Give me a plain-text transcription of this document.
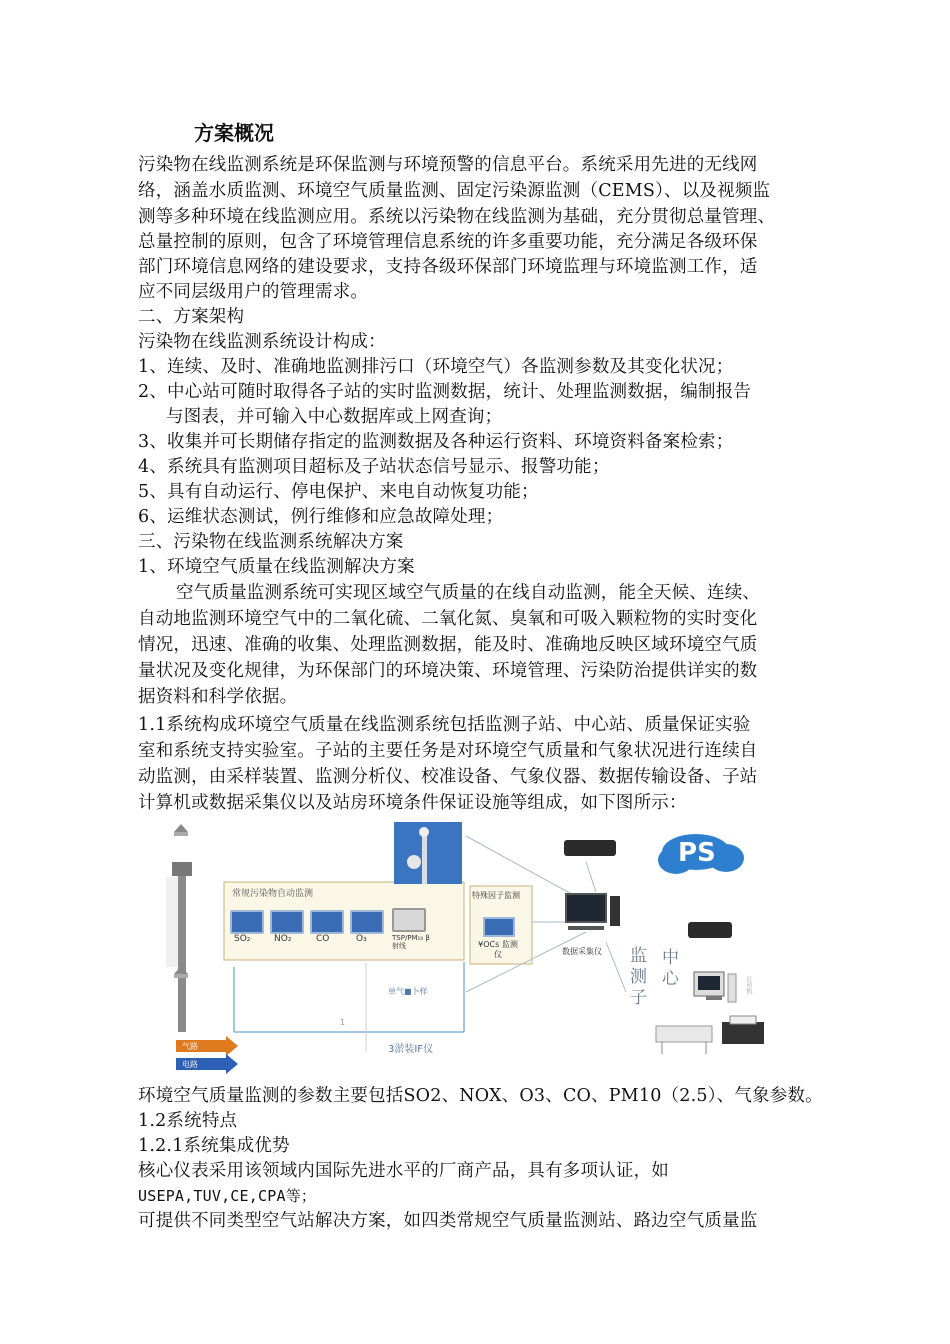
方案概况
污染物在线监测系统是环保监测与环境预警的信息平台。系统采用先进的无线网
络，涵盖水质监测、环境空气质量监测、固定污染源监测（CEMS）、以及视频监
测等多种环境在线监测应用。系统以污染物在线监测为基础，充分贯彻总量管理、
总量控制的原则，包含了环境管理信息系统的许多重要功能，充分满足各级环保
部门环境信息网络的建设要求，支持各级环保部门环境监理与环境监测工作，适
应不同层级用户的管理需求。
二、方案架构
污染物在线监测系统设计构成：
1、连续、及时、准确地监测排污口（环境空气）各监测参数及其变化状况；
2、中心站可随时取得各子站的实时监测数据，统计、处理监测数据，编制报告
与图表，并可输入中心数据库或上网查询；
3、收集并可长期储存指定的监测数据及各种运行资料、环境资料备案检索；
4、系统具有监测项目超标及子站状态信号显示、报警功能；
5、具有自动运行、停电保护、来电自动恢复功能；
6、运维状态测试，例行维修和应急故障处理；
三、污染物在线监测系统解决方案
1、环境空气质量在线监测解决方案
空气质量监测系统可实现区域空气质量的在线自动监测，能全天候、连续、
自动地监测环境空气中的二氧化硫、二氧化氮、臭氧和可吸入颗粒物的实时变化
情况，迅速、准确的收集、处理监测数据，能及时、准确地反映区域环境空气质
量状况及变化规律，为环保部门的环境决策、环境管理、污染防治提供详实的数
据资料和科学依据。
1.1系统构成环境空气质量在线监测系统包括监测子站、中心站、质量保证实验
室和系统支持实验室。子站的主要任务是对环境空气质量和气象状况进行连续自
动监测，由采样装置、监测分析仪、校准设备、气象仪器、数据传输设备、子站
计算机或数据采集仪以及站房环境条件保证设施等组成，如下图所示：
常规污染物自动监测
SO₂	NO₂	CO	O₃	TSP/PM₁₀ β射线
特殊因子监测
¥OCs 监测仪	数据采集仪
单气■卜样
1
3淤装IF仪
PS
监测子 中心	打印机
气路
电路
环境空气质量监测的参数主要包括SO2、NOX、O3、CO、PM10（2.5）、气象参数。
1.2系统特点
1.2.1系统集成优势
核心仪表采用该领域内国际先进水平的厂商产品，具有多项认证，如
USEPA,TUV,CE,CPA等；
可提供不同类型空气站解决方案，如四类常规空气质量监测站、路边空气质量监
